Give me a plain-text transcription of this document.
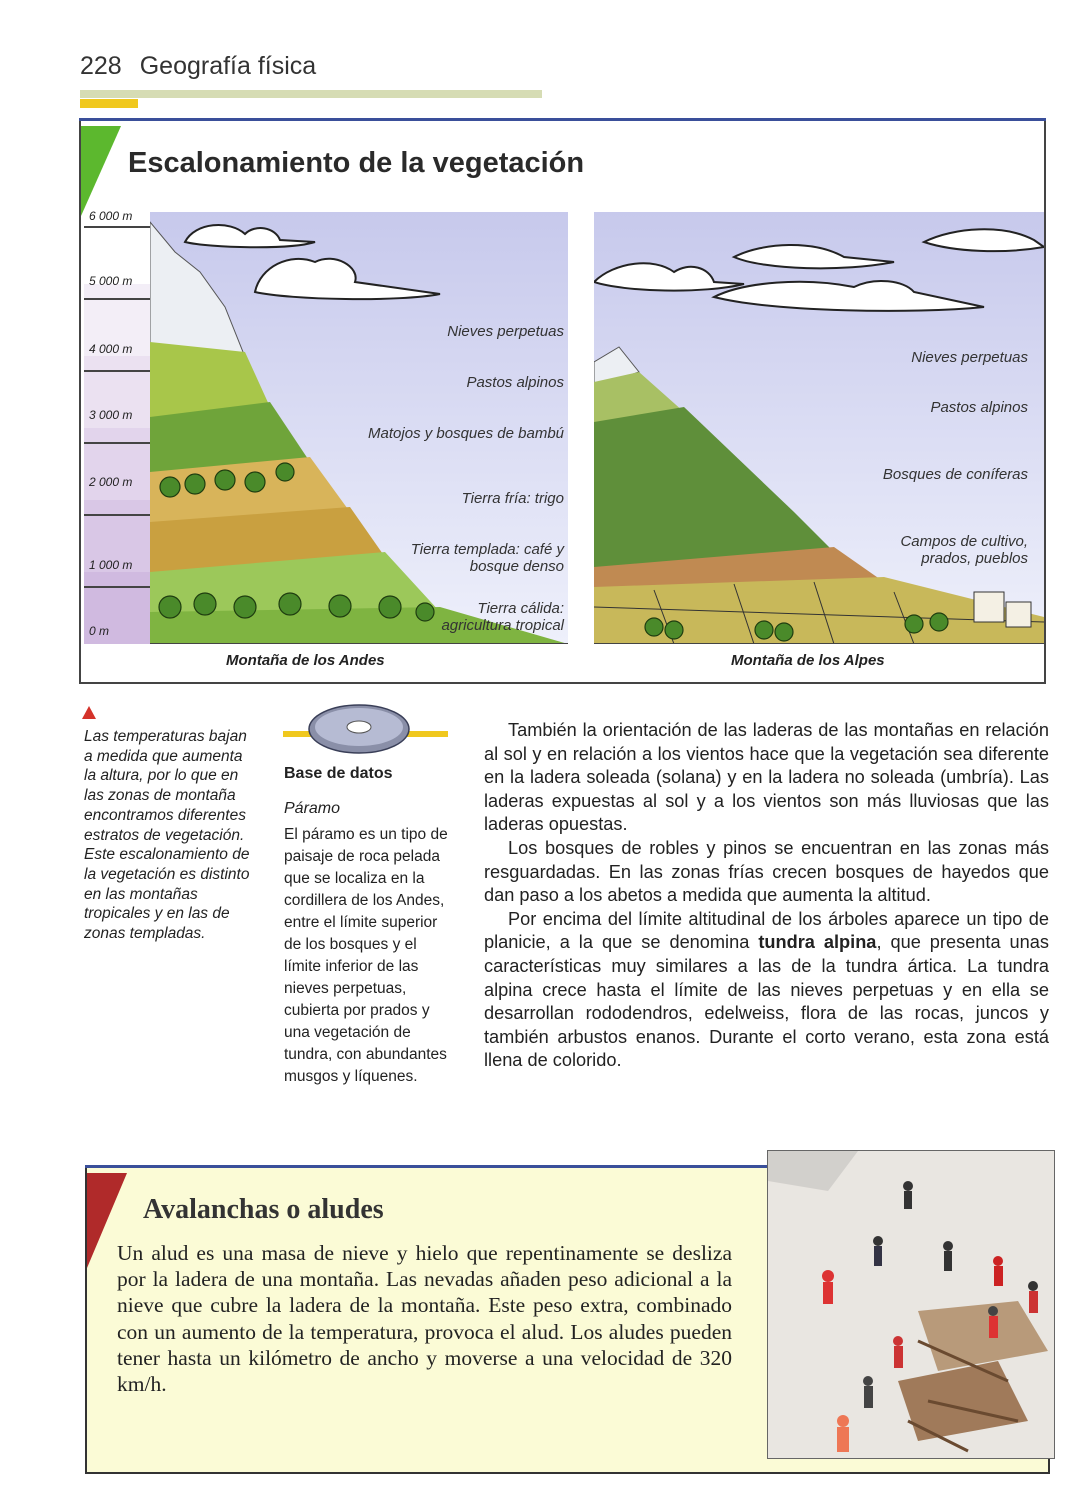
228 Geografía física
Escalonamiento de la vegetación
6 000 m
5 000 m
4 000 m
3 000 m
2 000 m
1 000 m
0 m
Nieves perpetuas
Pastos alpinos
Matojos y bosques de bambú
Tierra fría: trigo
Tierra templada: café y
bosque denso
Tierra cálida:
agricultura tropical
Montaña de los Andes
Nieves perpetuas
Pastos alpinos
Bosques de coníferas
Campos de cultivo,
prados, pueblos
Montaña de los Alpes
Las temperaturas bajan a medida que aumenta la altura, por lo que en las zonas de montaña encontramos diferentes estratos de vegetación. Este escalonamiento de la vegetación es distinto en las montañas tropicales y en las de zonas templadas.
Base de datos
Páramo
El páramo es un tipo de paisaje de roca pelada que se localiza en la cordillera de los Andes, entre el límite superior de los bosques y el límite inferior de las nieves perpetuas, cubierta por prados y una vegetación de tundra, con abundantes musgos y líquenes.

También la orientación de las laderas de las montañas en relación al sol y en relación a los vientos hace que la vegetación sea diferente en la ladera soleada (solana) y en la ladera no soleada (umbría). Las laderas expuestas al sol y a los vientos son más lluviosas que las laderas opuestas.

Los bosques de robles y pinos se encuentran en las zonas más resguardadas. En las zonas frías crecen bosques de hayedos que dan paso a los abetos a medida que aumenta la altitud.

Por encima del límite altitudinal de los árboles aparece un tipo de planicie, a la que se denomina tundra alpina, que presenta unas características muy similares a las de la tundra ártica. La tundra alpina crece hasta el límite de las nieves perpetuas y en ella se desarrollan rododendros, edelweiss, flora de las rocas, juncos y también arbustos enanos. Durante el corto verano, esta zona está llena de colorido.

Avalanchas o aludes
Un alud es una masa de nieve y hielo que repentinamente se desliza por la ladera de una montaña. Las nevadas añaden peso adicional a la nieve que cubre la ladera de la montaña. Este peso extra, combinado con un aumento de la temperatura, provoca el alud. Los aludes pueden tener hasta un kilómetro de ancho y moverse a una velocidad de 320 km/h.
